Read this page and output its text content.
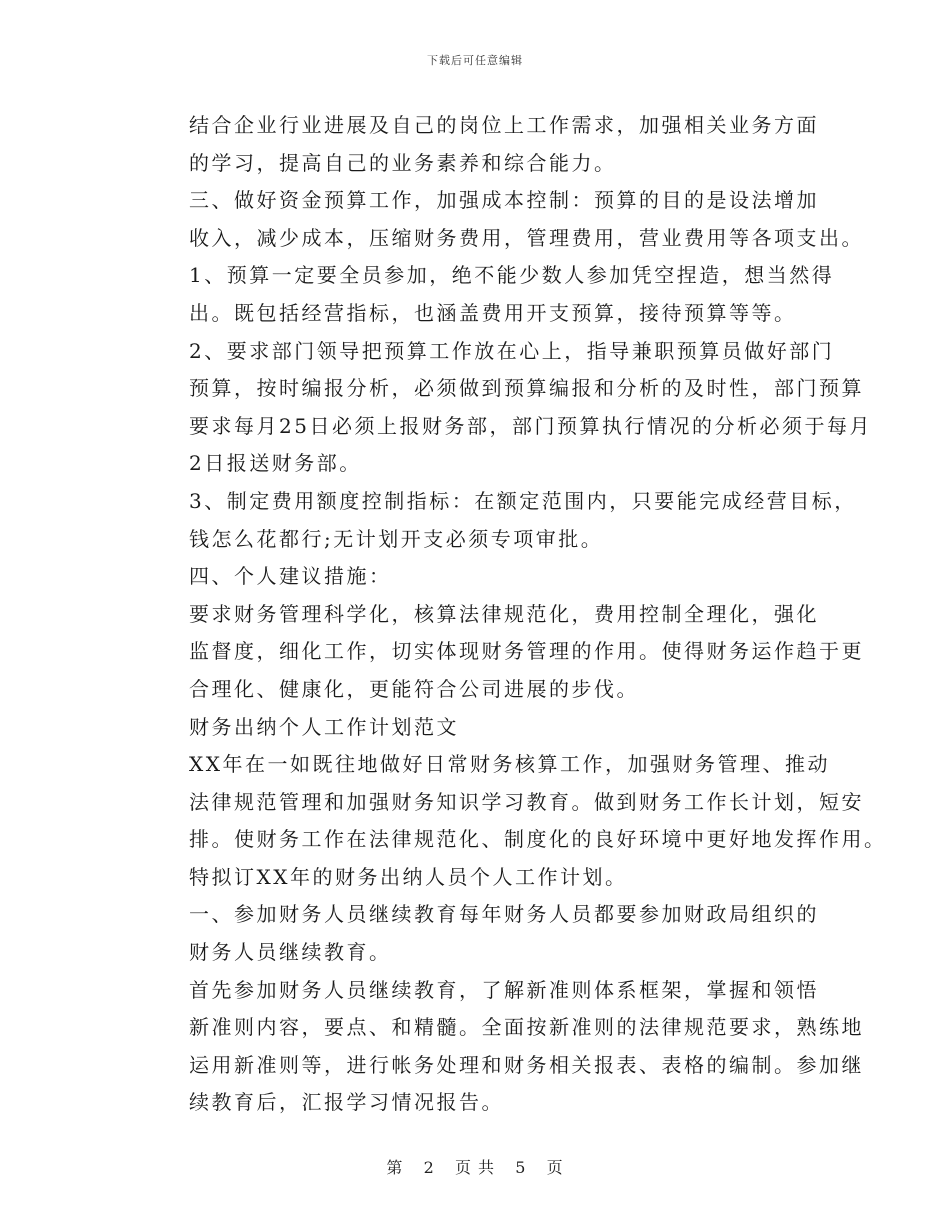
下载后可任意编辑

结合企业行业进展及自己的岗位上工作需求，加强相关业务方面
的学习，提高自己的业务素养和综合能力。

三、做好资金预算工作，加强成本控制：预算的目的是设法增加
收入，减少成本，压缩财务费用，管理费用，营业费用等各项支出。

1、预算一定要全员参加，绝不能少数人参加凭空捏造，想当然得
出。既包括经营指标，也涵盖费用开支预算，接待预算等等。

2、要求部门领导把预算工作放在心上，指导兼职预算员做好部门
预算，按时编报分析，必须做到预算编报和分析的及时性，部门预算
要求每月25日必须上报财务部，部门预算执行情况的分析必须于每月
2日报送财务部。

3、制定费用额度控制指标：在额定范围内，只要能完成经营目标，
钱怎么花都行;无计划开支必须专项审批。

四、个人建议措施：

要求财务管理科学化，核算法律规范化，费用控制全理化，强化
监督度，细化工作，切实体现财务管理的作用。使得财务运作趋于更
合理化、健康化，更能符合公司进展的步伐。

财务出纳个人工作计划范文

XX年在一如既往地做好日常财务核算工作，加强财务管理、推动
法律规范管理和加强财务知识学习教育。做到财务工作长计划，短安
排。使财务工作在法律规范化、制度化的良好环境中更好地发挥作用。
特拟订XX年的财务出纳人员个人工作计划。

一、参加财务人员继续教育每年财务人员都要参加财政局组织的
财务人员继续教育。

首先参加财务人员继续教育，了解新准则体系框架，掌握和领悟
新准则内容，要点、和精髓。全面按新准则的法律规范要求，熟练地
运用新准则等，进行帐务处理和财务相关报表、表格的编制。参加继
续教育后，汇报学习情况报告。

第 2 页 共 5 页
